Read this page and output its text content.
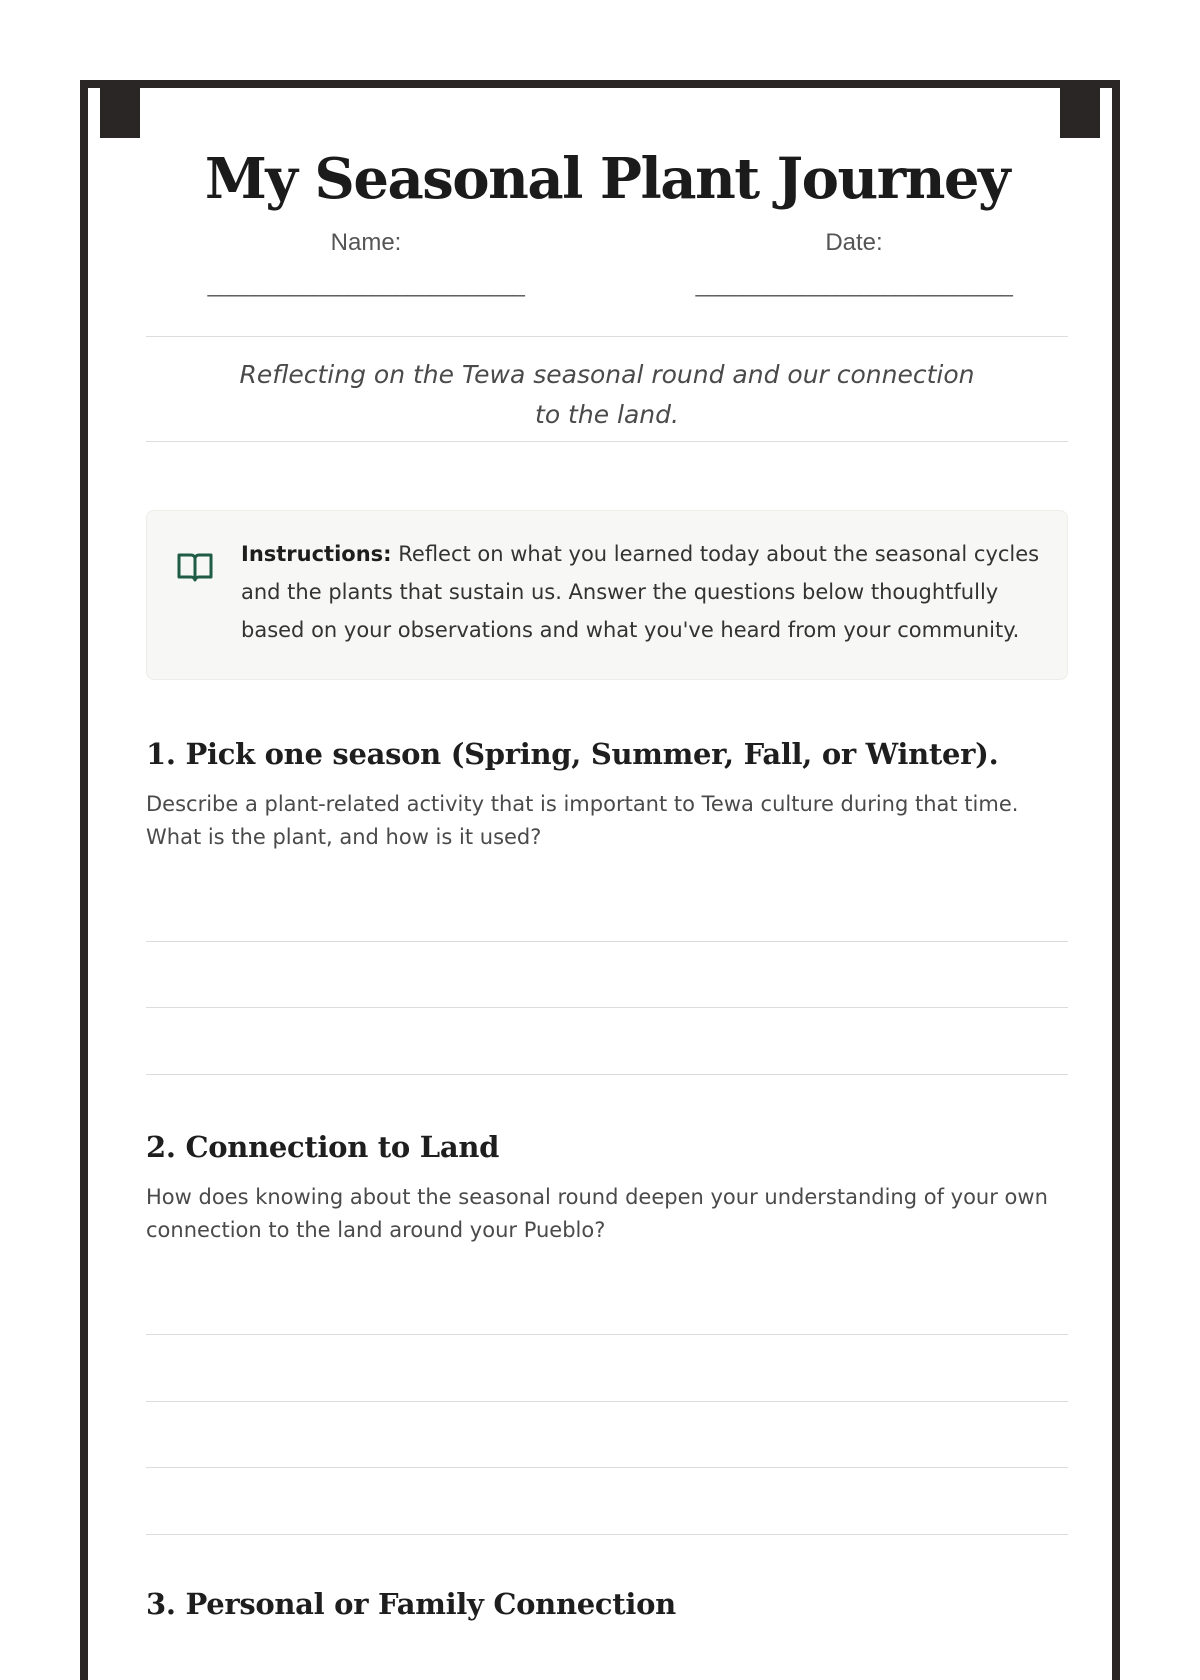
My Seasonal Plant Journey
Name:
___________________________
Date:
___________________________

Reflecting on the Tewa seasonal round and our connection to the land.

Instructions: Reflect on what you learned today about the seasonal cycles and the plants that sustain us. Answer the questions below thoughtfully based on your observations and what you've heard from your community.
1. Pick one season (Spring, Summer, Fall, or Winter).

Describe a plant-related activity that is important to Tewa culture during that time. What is the plant, and how is it used?

2. Connection to Land

How does knowing about the seasonal round deepen your understanding of your own connection to the land around your Pueblo?

3. Personal or Family Connection
